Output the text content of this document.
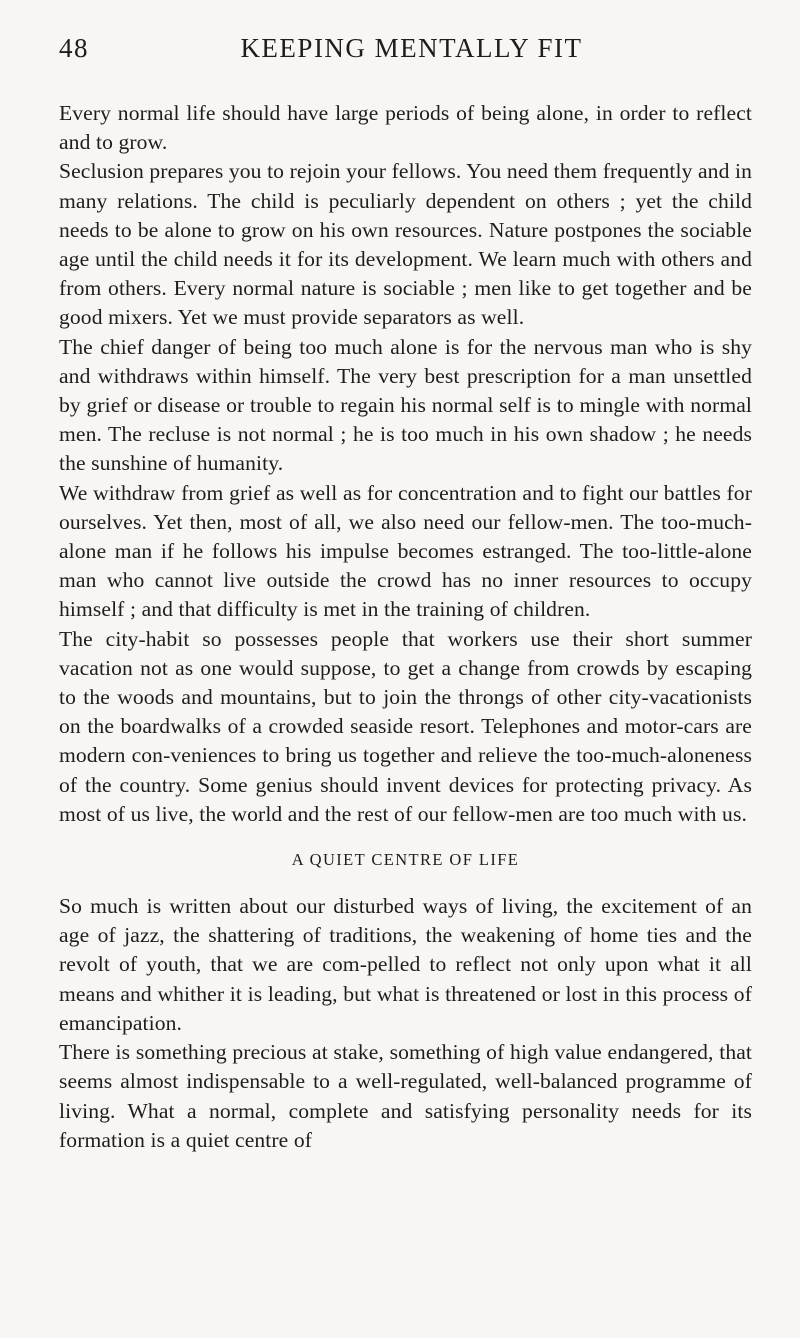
48	KEEPING MENTALLY FIT

Every normal life should have large periods of being alone, in order to reflect and to grow.

Seclusion prepares you to rejoin your fellows. You need them frequently and in many relations. The child is peculiarly dependent on others ; yet the child needs to be alone to grow on his own resources. Nature postpones the sociable age until the child needs it for its development. We learn much with others and from others. Every normal nature is sociable ; men like to get together and be good mixers. Yet we must provide separators as well.

The chief danger of being too much alone is for the nervous man who is shy and withdraws within himself. The very best prescription for a man unsettled by grief or disease or trouble to regain his normal self is to mingle with normal men. The recluse is not normal ; he is too much in his own shadow ; he needs the sunshine of humanity.

We withdraw from grief as well as for concentration and to fight our battles for ourselves. Yet then, most of all, we also need our fellow-men. The too-much-alone man if he follows his impulse becomes estranged. The too-little-alone man who cannot live outside the crowd has no inner resources to occupy himself ; and that difficulty is met in the training of children.

The city-habit so possesses people that workers use their short summer vacation not as one would suppose, to get a change from crowds by escaping to the woods and mountains, but to join the throngs of other city-vacationists on the boardwalks of a crowded seaside resort. Telephones and motor-cars are modern con-veniences to bring us together and relieve the too-much-aloneness of the country. Some genius should invent devices for protecting privacy. As most of us live, the world and the rest of our fellow-men are too much with us.

A QUIET CENTRE OF LIFE

So much is written about our disturbed ways of living, the excitement of an age of jazz, the shattering of traditions, the weakening of home ties and the revolt of youth, that we are com-pelled to reflect not only upon what it all means and whither it is leading, but what is threatened or lost in this process of emancipation.

There is something precious at stake, something of high value endangered, that seems almost indispensable to a well-regulated, well-balanced programme of living. What a normal, complete and satisfying personality needs for its formation is a quiet centre of
